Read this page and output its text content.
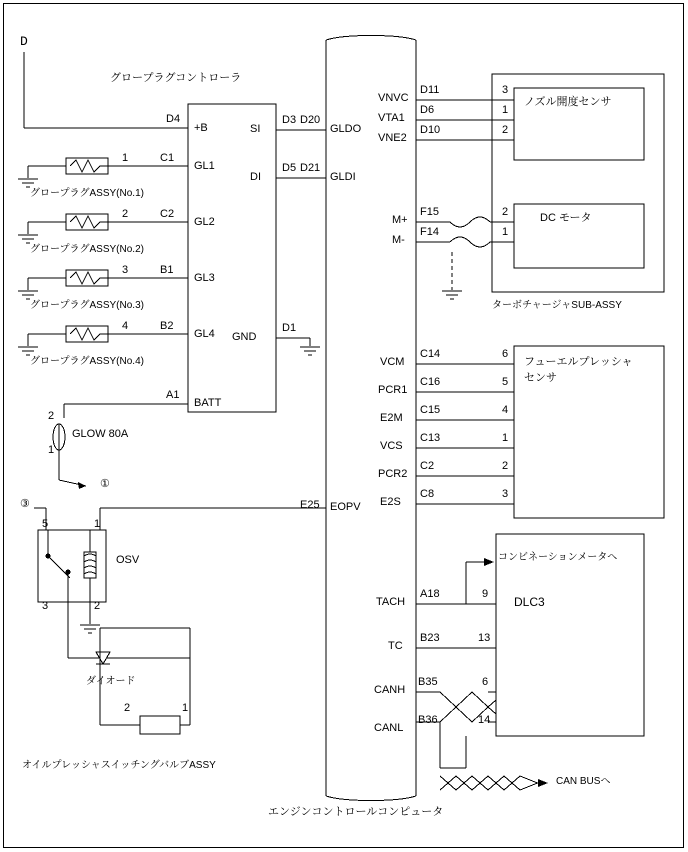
D
グロープラグコントローラ
D4
+B
A1
BATT
GND
D1
SI
D3
DI
D5
D20
GLDO
D21
GLDI
E25 EOPV
1	C1
GL1
グロープラグASSY(No.1)
2	C2
GL2
グロープラグASSY(No.2)
3	B1
GL3
グロープラグASSY(No.3)
4	B2
GL4
グロープラグASSY(No.4)
2
1
GLOW 80A
①
③
5	1
3	2
OSV
ダイオード
2	1
オイルプレッシャスイッチングバルブASSY
エンジンコントロールコンピュータ
VNVC
D11	3
VTA1
D6	1
VNE2
D10	2
M+
F15	2
M-
F14	1
ノズル開度センサ
DC モータ
ターボチャージャSUB-ASSY
VCM
C14	6
PCR1
C16	5
E2M
C15	4
VCS
C13	1
PCR2
C2	2
E2S
C8	3
フューエルプレッシャ
センサ
TACH
A18	9
TC
B23	13
CANH
B35	6
CANL
B36	14
DLC3
コンビネーションメータへ
CAN BUSへ
